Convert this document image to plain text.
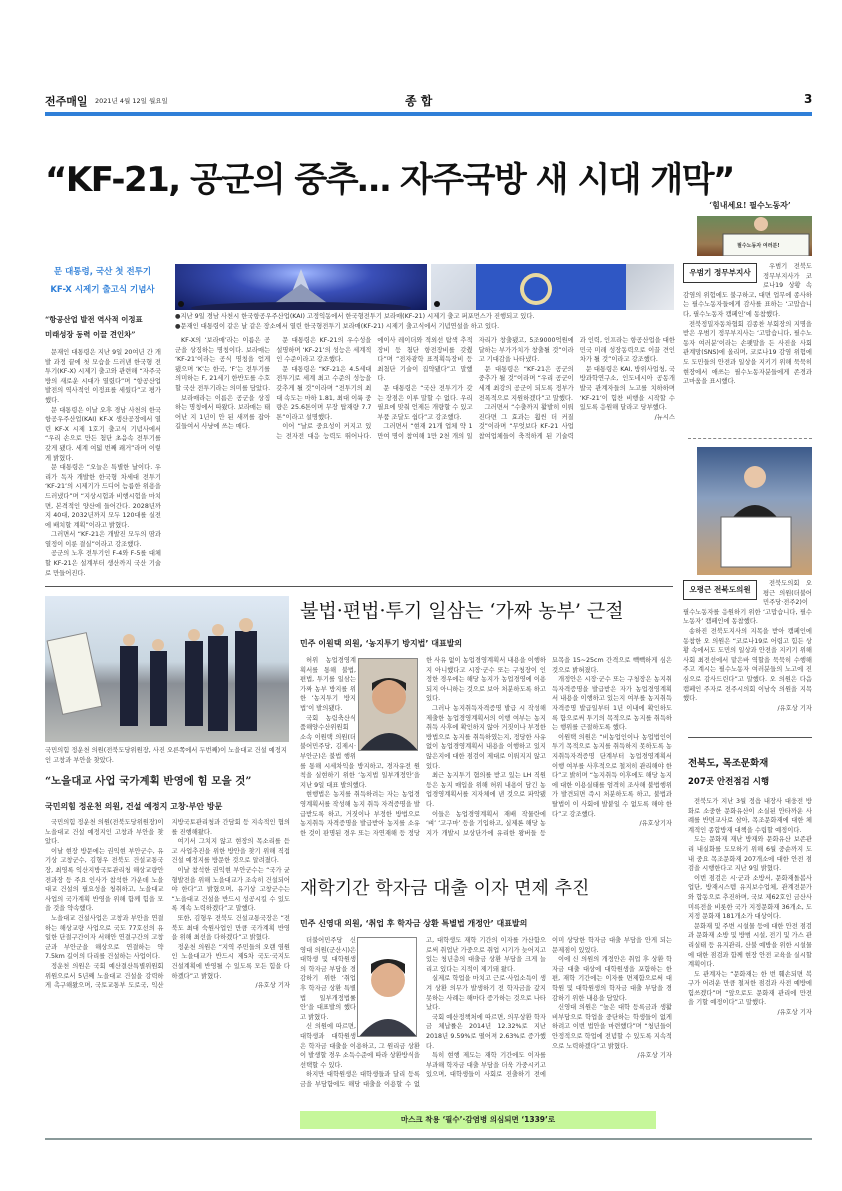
전주매일 2021년 4월 12일 월요일	종 합	3
“KF-21, 공군의 중추… 자주국방 새 시대 개막”
문 대통령, 국산 첫 전투기
KF-X 시제기 출고식 기념사
“항공산업 발전 역사적 이정표
미래성장 동력 이끌 견인차”

문재인 대통령은 지난 9일 20여년 간 개발 과정 끝에 첫 모습을 드러낸 한국형 전투기(KF-X) 시제기 출고와 관련해 “자주국방의 새로운 시대가 열렸다”며 “항공산업 발전의 역사적인 이정표를 세웠다”고 평가했다.

문 대통령은 이날 오후 경남 사천의 한국항공우주산업(KAI) KF-X 생산공장에서 열린 KF-X 시제 1호기 출고식 기념사에서 “우리 손으로 만든 첨단 초음속 전투기를 갖게 됐다. 세계 여덟 번째 쾌거”라며 이렇게 밝혔다.

문 대통령은 “오늘은 특별한 날이다. 우리가 독자 개발한 한국형 차세대 전투기 ‘KF-21’의 시제기가 드디어 늠름한 위용을 드러냈다”며 “지상시험과 비행시험을 마치면, 본격적인 양산에 들어간다. 2028년까지 40대, 2032년까지 모두 120대를 실전에 배치할 계획”이라고 밝혔다.

그러면서 “KF-21은 개발진 모두의 땀과 열정이 이룬 결실”이라고 강조했다.

공군의 노후 전투기인 F-4와 F-5를 대체할 KF-21은 설계부터 생산까지 국산 기술로 만들어진다.

●지난 9일 경남 사천시 한국항공우주산업(KAI) 고정익동에서 한국형전투기 보라매(KF-21) 시제기 출고 퍼포먼스가 진행되고 있다.
●문재인 대통령이 같은 날 같은 장소에서 열린 한국형전투기 보라매(KF-21) 시제기 출고식에서 기념연설을 하고 있다.

KF-X의 ‘보라매’라는 이름은 공군을 상징하는 명칭이다. 보라매는 ‘KF-21’이라는 공식 명칭을 얻게 됐으며 ‘K’는 한국, ‘F’는 전투기를 의미하는 F, 21세기 한반도를 수호할 국산 전투기라는 의미를 담았다.

보라매라는 이름은 공군을 상징하는 명칭에서 따왔다. 보라매는 태어난 지 1년이 안 된 새끼를 잡아 길들여서 사냥에 쓰는 매다.

문 대통령은 KF-21의 우수성을 설명하며 ‘KF-21’의 성능은 세계적인 수준이라고 강조했다.

문 대통령은 “KF-21은 4.5세대 전투기로 세계 최고 수준의 성능을 갖추게 될 것”이라며 “전투기의 최대 속도는 마하 1.81, 최대 이륙 중량은 25.6톤이며 무장 탑재량 7.7톤”이라고 설명했다.

이어 “날로 중요성이 커지고 있는 전자전 대응 능력도 뛰어나다. 에이사 레이더와 적외선 탐색 추적 장비 등 첨단 항전장비를 갖췄다”며 “전자광학 표적획득장비 등 최첨단 기술이 집약됐다”고 말했다.

문 대통령은 “국산 전투기가 갖는 장점은 이루 말할 수 없다. 우리 필요에 맞춰 언제든 개량할 수 있고 부품 조달도 쉽다”고 강조했다.

그러면서 “현재 21개 업체 약 1만여 명이 참여해 1만 2천 개의 일자리가 창출됐고, 5조9000억원에 달하는 부가가치가 창출될 것”이라고 기대감을 나타냈다.

문 대통령은 “KF-21은 공군의 중추가 될 것”이라며 “우리 공군이 세계 최강의 공군이 되도록 정부가 전폭적으로 지원하겠다”고 말했다.

그러면서 “수출까지 활발히 이뤄진다면 그 효과는 훨씬 더 커질 것”이라며 “무엇보다 KF-21 사업 참여업체들이 축적하게 된 기술력과 인력, 인프라는 항공산업을 대한민국 미래 성장동력으로 이끌 견인차가 될 것”이라고 강조했다.

문 대통령은 KAI, 방위사업청, 국방과학연구소, 인도네시아 공동개발국 관계자들의 노고를 치하하며 ‘KF-21’이 힘찬 비행을 시작할 수 있도록 응원해 달라고 당부했다.

/뉴시스
‘힘내세요! 필수노동자’
필수노동자 여러분!
우범기 정무부지사

우범기 전북도 정무부지사가 코로나19 상황 속 감염의 위험에도 불구하고, 대면 업무에 종사하는 필수노동자들에게 감사를 표하는 ‘고맙습니다, 필수노동자 캠페인’에 동참했다.

전북정밀자동차협회 김종찬 부회장의 지명을 받은 우범기 정무부지사는 ‘고맙습니다, 필수노동자 여러분’이라는 손팻말을 든 사진을 사회 관계망(SNS)에 올리며, 코로나19 감염 위험에도 도민들의 안전과 일상을 지키기 위해 묵묵히 현장에서 애쓰는 필수노동자분들에게 존경과 고마움을 표시했다.

오평근 전북도의원

전북도의회 오평근 의원(더불어민주당·전주2)이 필수노동자를 응원하기 위한 ‘고맙습니다, 필수노동자’ 캠페인에 동참했다.

송하진 전북도지사의 지목을 받아 캠페인에 동참한 오 의원은 “코로나19로 어렵고 힘든 상황 속에서도 도민의 일상과 안전을 지키기 위해 사회 최전선에서 맡은바 역할을 묵묵히 수행해주고 계시는 필수노동자 여러분들의 노고에 진심으로 감사드린다”고 말했다. 오 의원은 다음 캠페인 주자로 전주시의회 이남숙 의원을 지목했다.

/유호상 기자
전북도, 목조문화재
207곳 안전점검 시행

전북도가 지난 3월 정읍 내장사 대웅전 방화로 소중한 문화유산이 소실된 안타까운 사례를 반면교사로 삼아, 목조문화재에 대한 체계적인 종합방재 대책을 수립할 예정이다.

도는 문화재 재난 방재와 문화유산 보존관리 내실화를 도모하기 위해 6월 중순까지 도내 중요 목조문화재 207개소에 대한 안전 점검을 시행한다고 지난 9일 밝혔다.

이번 점검은 시·군과 소방서, 문화재돌봄사업단, 방재시스템 유지보수업체, 관계전문가와 합동으로 추진하며, 국보 제62호인 금산사 미륵전을 비롯한 국가 지정문화재 36개소, 도 지정 문화재 181개소가 대상이다.

문화재 및 주변 시설물 등에 대한 안전 점검과 문화재 소방 및 방범 시설, 전기 및 가스 관리실태 등 유지관리, 산불 예방을 위한 시설물에 대한 점검과 함께 현장 안전 교육을 실시할 계획이다.

도 관계자는 “문화재는 한 번 훼손되면 복구가 어려운 만큼 철저한 점검과 사전 예방에 힘쓰겠다”며 “앞으로도 문화재 관리에 만전을 기할 예정이다”고 말했다.

/유호상 기자
국민의힘 정운천 의원(전북도당위원장, 사진 오른쪽에서 두번째)이 노을대교 건설 예정지인 고창과 부안을 찾았다.
“노을대교 사업 국가계획 반영에 힘 모을 것”
국민의힘 정운천 의원, 건설 예정지 고창·부안 방문

국민의힘 정운천 의원(전북도당위원장)이 노을대교 건설 예정지인 고창과 부안을 찾았다.

이날 현장 방문에는 권익현 부안군수, 유기상 고창군수, 김형우 전북도 건설교통국장, 최영록 익산지방국토관리청 해상교량안전과장 등 주요 인사가 참석한 가운데 노을대교 건설의 필요성을 청취하고, 노을대교 사업의 국가계획 반영을 위해 함께 힘을 모을 것을 약속했다.

노을대교 건설사업은 고창과 부안을 연결하는 해상교량 사업으로 국도 77호선의 유일한 단절구간이자 서해안 연결구간의 고창군과 부안군을 해상으로 연결하는 약 7.5km 길이의 다리를 건설하는 사업이다.

정운천 의원은 국회 예산결산특별위원회 위원으로서 5년째 노을대교 건설을 강력하게 촉구해왔으며, 국토교통부 도로국, 익산지방국토관리청과 간담회 등 지속적인 협의를 진행해왔다.

여기서 그치지 않고 현장의 목소리를 듣고 사업추진을 위한 방안을 찾기 위해 직접 건설 예정지를 방문한 것으로 알려졌다.

이날 참석한 권익현 부안군수는 “국가 균형발전을 위해 노을대교가 조속히 건설되어야 한다”고 밝혔으며, 유기상 고창군수는 “노을대교 건설을 반드시 성공시킬 수 있도록 계속 노력하겠다”고 말했다.

또한, 김형우 전북도 건설교통국장은 “전북도 최대 숙원사업인 만큼 국가계획 반영을 위해 최선을 다하겠다”고 밝혔다.

정운천 의원은 “지역 주민들의 오랜 염원인 노을대교가 반드시 제5차 국도·국지도 건설계획에 반영될 수 있도록 모든 힘을 다하겠다”고 밝혔다.

/유호상 기자
불법·편법·투기 일삼는 ‘가짜 농부’ 근절
민주 이원택 의원, ‘농지투기 방지법’ 대표발의

허위 농업경영계획서를 통해 불법, 편법, 투기를 일삼는 가짜 농부 방지를 위한 ‘농지투기 방지법’이 발의됐다.

국회 농림축산식품해양수산위원회 소속 이원택 의원(더불어민주당, 김제시·부안군)은 불법 행위를 통해 시세차익을 방지하고, 경자유전 원칙을 실현하기 위한 ‘농지법 일부개정안’을 지난 9일 대표 발의했다.

현행법은 농지를 취득하려는 자는 농업경영계획서를 작성해 농지 취득 자격증명을 발급받도록 하고, 거짓이나 부정한 방법으로 농지취득 자격증명을 발급받아 농지를 소유한 것이 판명된 경우 또는 자연재해 등 정당한 사유 없이 농업경영계획서 내용을 이행하지 아니했다고 시장·군수 또는 구청장이 인정한 경우에는 해당 농지가 농업경영에 이용되지 아니하는 것으로 보아 처분하도록 하고 있다.

그러나 농지취득자격증명 발급 시 작성해 제출한 농업경영계획서의 이행 여부는 농지 취득 사후에 확인하지 않아 거짓이나 부정한 방법으로 농지를 취득하였는지, 정당한 사유 없이 농업경영계획서 내용을 이행하고 있지 않은지에 대한 점검이 제대로 이뤄지지 않고 있다.

최근 농지투기 혐의를 받고 있는 LH 직원 등은 농지 매입을 위해 허위 내용이 담긴 농업경영계획서를 지자체에 낸 것으로 파악됐다.

이들은 농업경영계획서 재배 작물란에 ‘벼’ ‘고구마’ 등을 기입하고, 실제론 해당 농지가 개발시 보상단가에 유리한 왕버들 등 묘목을 15~25cm 간격으로 빽빽하게 심은 것으로 밝혀졌다.

개정안은 시장·군수 또는 구청장은 농지취득자격증명을 발급받은 자가 농업경영계획서 내용을 이행하고 있는지 여부를 농지취득자격증명 발급일부터 1년 이내에 확인하도록 함으로써 투기의 목적으로 농지를 취득하는 행위를 근절하도록 했다.

이원택 의원은 “비농업인이나 농업법인이 투기 목적으로 농지를 취득하지 못하도록 농지취득자격증명 단계부터 농업경영계획서 이행 여부를 사후적으로 철저히 관리해야 한다”고 밝히며 “농지취득 이후에도 해당 농지에 대한 이용실태를 엄격히 조사해 불법행위가 발견되면 즉시 처분하도록 하고, 불법과 탈법이 이 사회에 발붙일 수 없도록 해야 한다”고 강조했다.

/유호상기자
재학기간 학자금 대출 이자 면제 추진
민주 신영대 의원, ‘취업 후 학자금 상환 특별법 개정안’ 대표발의

더불어민주당 신영대 의원(군산시)은 대학생 및 대학원생의 학자금 부담을 경감하기 위한 ‘취업 후 학자금 상환 특별법 일부개정법률안’을 대표발의 했다고 밝혔다.

신 의원에 따르면, 대학생과 대학원생은 학자금 대출을 이용하고, 그 원리금 상환이 발생할 경우 소득수준에 따라 상환방식을 선택할 수 있다.

하지만 대학원생은 대학생들과 달리 등록금을 부담함에도 해당 대출을 이용할 수 없고, 대학생도 재학 기간의 이자를 가산함으로써 취업난 가중으로 취업 시기가 늦어지고 있는 청년층의 대출금 상환 부담을 크게 늘리고 있다는 지적이 제기돼 왔다.

실제로 학업을 마치고 근로·사업소득이 생겨 상환 의무가 발생하기 전 학자금을 갚지 못하는 사례는 해마다 증가하는 것으로 나타났다.

국회 예산정책처에 따르면, 의무상환 학자금 체납률은 2014년 12.32%로 지난 2018년 9.59%로 떨어져 2.63%로 증가했다.

특히 현행 제도는 재학 기간에도 이자를 부과해 학자금 대출 부담을 더욱 가중시키고 있으며, 대학생들이 사회로 진출하기 전에 이미 상당한 학자금 대출 부담을 안게 되는 문제점이 있었다.

이에 신 의원의 개정안은 취업 후 상환 학자금 대출 대상에 대학원생을 포함하는 한편, 재학 기간에는 이자를 면제함으로써 대학원 및 대학원생의 학자금 대출 부담을 경감하기 위한 내용을 담았다.

신영대 의원은 “높은 대학 등록금과 생활비부담으로 학업을 중단하는 학생들이 없게 하려고 이번 법안을 마련했다”며 “청년들이 안정적으로 학업에 전념할 수 있도록 지속적으로 노력하겠다”고 밝혔다.

/유호상 기자
마스크 착용 ‘필수’·감염병 의심되면 ‘1339’로
